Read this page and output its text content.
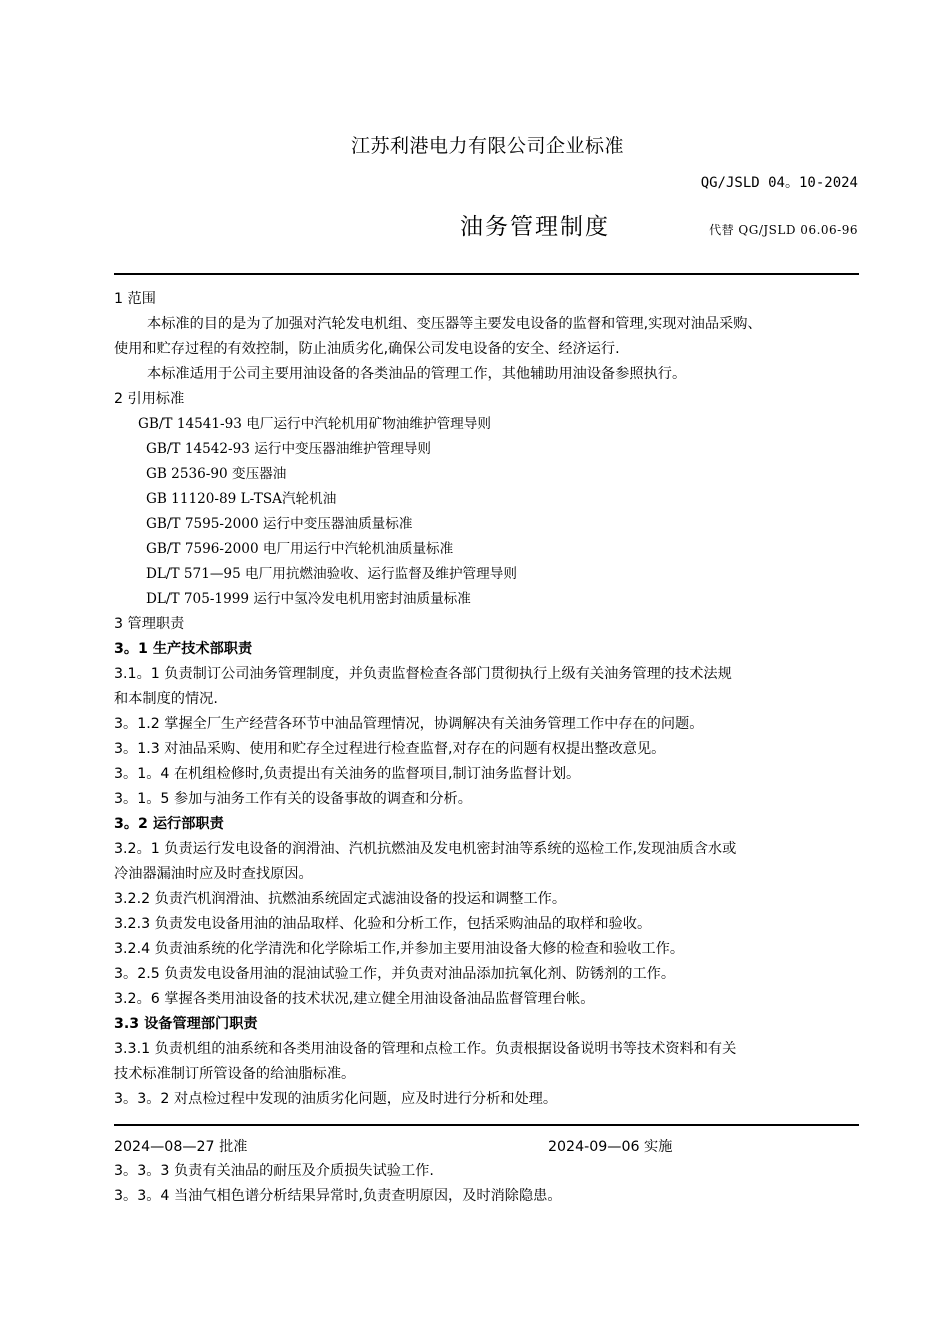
江苏利港电力有限公司企业标准
QG/JSLD 04。10-2024
油务管理制度	代替 QG/JSLD 06.06-96
1 范围
本标准的目的是为了加强对汽轮发电机组、变压器等主要发电设备的监督和管理,实现对油品采购、
使用和贮存过程的有效控制，防止油质劣化,确保公司发电设备的安全、经济运行.
本标准适用于公司主要用油设备的各类油品的管理工作，其他辅助用油设备参照执行。
2 引用标准
GB/T 14541-93 电厂运行中汽轮机用矿物油维护管理导则
GB/T 14542-93 运行中变压器油维护管理导则
GB 2536-90 变压器油
GB 11120-89 L-TSA汽轮机油
GB/T 7595-2000 运行中变压器油质量标准
GB/T 7596-2000 电厂用运行中汽轮机油质量标准
DL/T 571—95 电厂用抗燃油验收、运行监督及维护管理导则
DL/T 705-1999 运行中氢冷发电机用密封油质量标准
3 管理职责
3。1 生产技术部职责
3.1。1 负责制订公司油务管理制度，并负责监督检查各部门贯彻执行上级有关油务管理的技术法规
和本制度的情况.
3。1.2 掌握全厂生产经营各环节中油品管理情况，协调解决有关油务管理工作中存在的问题。
3。1.3 对油品采购、使用和贮存全过程进行检查监督,对存在的问题有权提出整改意见。
3。1。4 在机组检修时,负责提出有关油务的监督项目,制订油务监督计划。
3。1。5 参加与油务工作有关的设备事故的调查和分析。
3。2 运行部职责
3.2。1 负责运行发电设备的润滑油、汽机抗燃油及发电机密封油等系统的巡检工作,发现油质含水或
冷油器漏油时应及时查找原因。
3.2.2 负责汽机润滑油、抗燃油系统固定式滤油设备的投运和调整工作。
3.2.3 负责发电设备用油的油品取样、化验和分析工作，包括采购油品的取样和验收。
3.2.4 负责油系统的化学清洗和化学除垢工作,并参加主要用油设备大修的检查和验收工作。
3。2.5 负责发电设备用油的混油试验工作，并负责对油品添加抗氧化剂、防锈剂的工作。
3.2。6 掌握各类用油设备的技术状况,建立健全用油设备油品监督管理台帐。
3.3 设备管理部门职责
3.3.1 负责机组的油系统和各类用油设备的管理和点检工作。负责根据设备说明书等技术资料和有关
技术标准制订所管设备的给油脂标准。
3。3。2 对点检过程中发现的油质劣化问题，应及时进行分析和处理。
2024—08—27 批准	2024-09—06 实施
3。3。3 负责有关油品的耐压及介质损失试验工作.
3。3。4 当油气相色谱分析结果异常时,负责查明原因，及时消除隐患。
